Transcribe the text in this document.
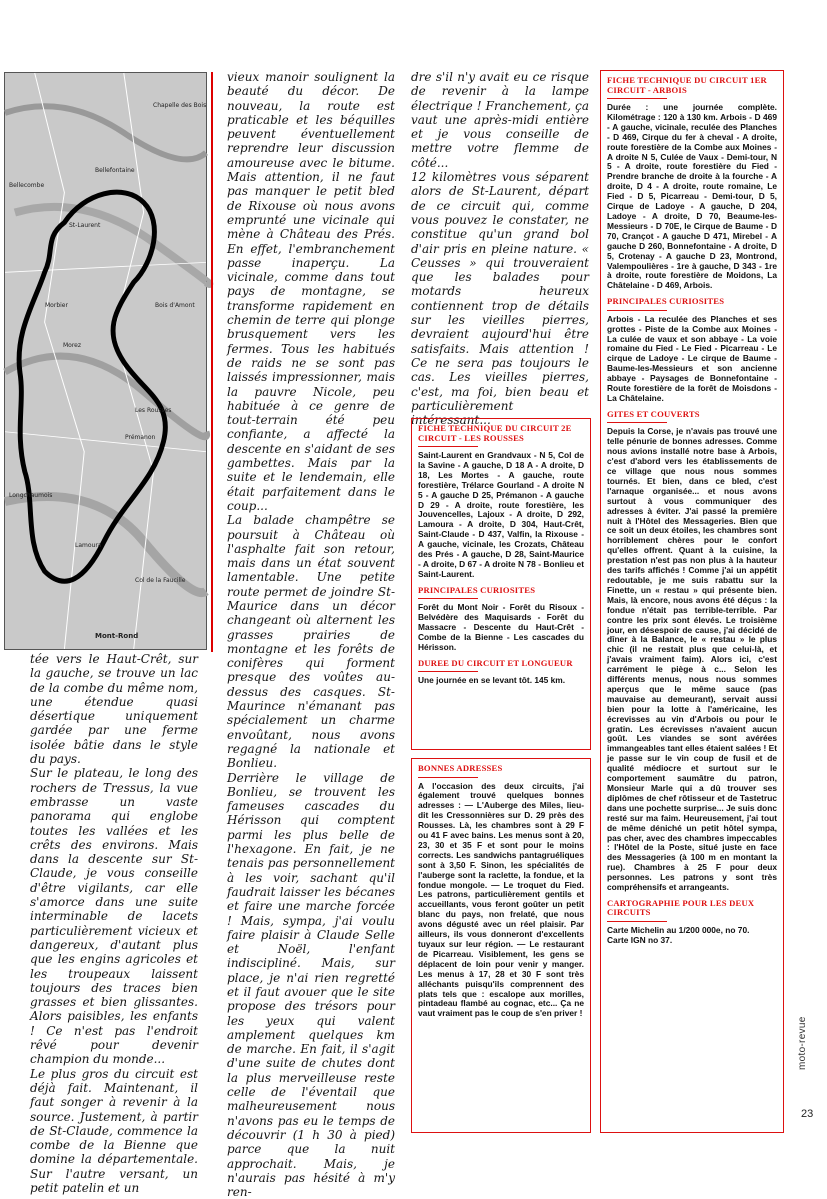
St-Laurent
Morez
Les Rousses
Prémanon
Longchaumois
Morbier
Bellefontaine
Chapelle des Bois
Bois d'Amont
Mont-Rond
Col de la Faucille
Lamoura
Bellecombe

tée vers le Haut-Crêt, sur la gauche, se trouve un lac de la combe du même nom, une étendue quasi désertique uniquement gardée par une ferme isolée bâtie dans le style du pays.

Sur le plateau, le long des rochers de Tressus, la vue embrasse un vaste panorama qui englobe toutes les vallées et les crêts des environs. Mais dans la descente sur St-Claude, je vous conseille d'être vigilants, car elle s'amorce dans une suite interminable de lacets particulièrement vicieux et dangereux, d'autant plus que les engins agricoles et les troupeaux laissent toujours des traces bien grasses et bien glissantes. Alors paisibles, les enfants ! Ce n'est pas l'endroit rêvé pour devenir champion du monde...

Le plus gros du circuit est déjà fait. Maintenant, il faut songer à revenir à la source. Justement, à partir de St-Claude, commence la combe de la Bienne que domine la départementale. Sur l'autre versant, un petit patelin et un

vieux manoir soulignent la beauté du décor. De nouveau, la route est praticable et les béquilles peuvent éventuellement reprendre leur discussion amoureuse avec le bitume. Mais attention, il ne faut pas manquer le petit bled de Rixouse où nous avons emprunté une vicinale qui mène à Château des Prés. En effet, l'embranchement passe inaperçu. La vicinale, comme dans tout pays de montagne, se transforme rapidement en chemin de terre qui plonge brusquement vers les fermes. Tous les habitués de raids ne se sont pas laissés impressionner, mais la pauvre Nicole, peu habituée à ce genre de tout-terrain été peu confiante, a affecté la descente en s'aidant de ses gambettes. Mais par la suite et le lendemain, elle était parfaitement dans le coup...

La balade champêtre se poursuit à Château où l'asphalte fait son retour, mais dans un état souvent lamentable. Une petite route permet de joindre St-Maurice dans un décor changeant où alternent les grasses prairies de montagne et les forêts de conifères qui forment presque des voûtes au-dessus des casques. St-Maurince n'émanant pas spécialement un charme envoûtant, nous avons regagné la nationale et Bonlieu.

Derrière le village de Bonlieu, se trouvent les fameuses cascades du Hérisson qui comptent parmi les plus belle de l'hexagone. En fait, je ne tenais pas personnellement à les voir, sachant qu'il faudrait laisser les bécanes et faire une marche forcée ! Mais, sympa, j'ai voulu faire plaisir à Claude Selle et Noël, l'enfant indiscipliné. Mais, sur place, je n'ai rien regretté et il faut avouer que le site propose des trésors pour les yeux qui valent amplement quelques km de marche. En fait, il s'agit d'une suite de chutes dont la plus merveilleuse reste celle de l'éventail que malheureusement nous n'avons pas eu le temps de découvrir (1 h 30 à pied) parce que la nuit approchait. Mais, je n'aurais pas hésité à m'y ren-

dre s'il n'y avait eu ce risque de revenir à la lampe électrique ! Franchement, ça vaut une après-midi entière et je vous conseille de mettre votre flemme de côté...

12 kilomètres vous séparent alors de St-Laurent, départ de ce circuit qui, comme vous pouvez le constater, ne constitue qu'un grand bol d'air pris en pleine nature. « Ceusses » qui trouveraient que les balades pour motards heureux contiennent trop de détails sur les vieilles pierres, devraient aujourd'hui être satisfaits. Mais attention ! Ce ne sera pas toujours le cas. Les vieilles pierres, c'est, ma foi, bien beau et particulièrement intéressant...

FICHE TECHNIQUE DU CIRCUIT 2E CIRCUIT - LES ROUSSES

Saint-Laurent en Grandvaux - N 5, Col de la Savine - A gauche, D 18 A - A droite, D 18, Les Mortes - A gauche, route forestière, Trélarce Gourland - A droite N 5 - A gauche D 25, Prémanon - A gauche D 29 - A droite, route forestière, les Jouvencelles, Lajoux - A droite, D 292, Lamoura - A droite, D 304, Haut-Crêt, Saint-Claude - D 437, Valfin, la Rixouse - A gauche, vicinale, les Crozats, Château des Prés - A gauche, D 28, Saint-Maurice - A droite, D 67 - A droite N 78 - Bonlieu et Saint-Laurent.

PRINCIPALES CURIOSITES

Forêt du Mont Noir - Forêt du Risoux - Belvédère des Maquisards - Forêt du Massacre - Descente du Haut-Crêt - Combe de la Bienne - Les cascades du Hérisson.

DUREE DU CIRCUIT ET LONGUEUR

Une journée en se levant tôt. 145 km.

BONNES ADRESSES

A l'occasion des deux circuits, j'ai également trouvé quelques bonnes adresses : — L'Auberge des Miles, lieu-dit les Cressonnières sur D. 29 près des Rousses. Là, les chambres sont à 29 F ou 41 F avec bains. Les menus sont à 20, 23, 30 et 35 F et sont pour le moins corrects. Les sandwichs pantagruéliques sont à 3,50 F. Sinon, les spécialités de l'auberge sont la raclette, la fondue, et la fondue mongole. — Le troquet du Fied. Les patrons, particulièrement gentils et accueillants, vous feront goûter un petit blanc du pays, non frelaté, que nous avons dégusté avec un réel plaisir. Par ailleurs, ils vous donneront d'excellents tuyaux sur leur région. — Le restaurant de Picarreau. Visiblement, les gens se déplacent de loin pour venir y manger. Les menus à 17, 28 et 30 F sont très alléchants puisqu'ils comprennent des plats tels que : escalope aux morilles, pintadeau flambé au cognac, etc... Ça ne vaut vraiment pas le coup de s'en priver !

FICHE TECHNIQUE DU CIRCUIT 1ER CIRCUIT - ARBOIS

Durée : une journée complète. Kilométrage : 120 à 130 km. Arbois - D 469 - A gauche, vicinale, reculée des Planches - D 469, Cirque du fer à cheval - A droite, route forestière de la Combe aux Moines - A droite N 5, Culée de Vaux - Demi-tour, N 5 - A droite, route forestière du Fied - Prendre branche de droite à la fourche - A droite, D 4 - A droite, route romaine, Le Fied - D 5, Picarreau - Demi-tour, D 5, Cirque de Ladoye - A gauche, D 204, Ladoye - A droite, D 70, Beaume-les-Messieurs - D 70E, le Cirque de Baume - D 70, Crançot - A gauche D 471, Mirebel - A gauche D 260, Bonnefontaine - A droite, D 5, Crotenay - A gauche D 23, Montrond, Valempoulières - 1re à gauche, D 343 - 1re à droite, route forestière de Moidons, La Châtelaine - D 469, Arbois.

PRINCIPALES CURIOSITES

Arbois - La reculée des Planches et ses grottes - Piste de la Combe aux Moines - La culée de vaux et son abbaye - La voie romaine du Fied - Le Fied - Picarreau - Le cirque de Ladoye - Le cirque de Baume - Baume-les-Messieurs et son ancienne abbaye - Paysages de Bonnefontaine - Route forestière de la forêt de Moisdons - La Châtelaine.

GITES ET COUVERTS

Depuis la Corse, je n'avais pas trouvé une telle pénurie de bonnes adresses. Comme nous avions installé notre base à Arbois, c'est d'abord vers les établissements de ce village que nous nous sommes tournés. Et bien, dans ce bled, c'est l'arnaque organisée... et nous avons surtout à vous communiquer des adresses à éviter. J'ai passé la première nuit à l'Hôtel des Messageries. Bien que ce soit un deux étoiles, les chambres sont horriblement chères pour le confort qu'elles offrent. Quant à la cuisine, la prestation n'est pas non plus à la hauteur des tarifs affichés ! Comme j'ai un appétit redoutable, je me suis rabattu sur la Finette, un « restau » qui présente bien. Mais, là encore, nous avons été déçus : la fondue n'était pas terrible-terrible. Par contre les prix sont élevés. Le troisième jour, en désespoir de cause, j'ai décidé de dîner à la Balance, le « restau » le plus chic (il ne restait plus que celui-là, et j'avais vraiment faim). Alors ici, c'est carrément le piège à c... Selon les différents menus, nous nous sommes aperçus que le même sauce (pas mauvaise au demeurant), servait aussi bien pour la lotte à l'américaine, les écrevisses au vin d'Arbois ou pour le gratin. Les écrevisses n'avaient aucun goût. Les viandes se sont avérées immangeables tant elles étaient salées ! Et je passe sur le vin coup de fusil et de qualité médiocre et surtout sur le comportement saumâtre du patron, Monsieur Marle qui a dû trouver ses diplômes de chef rôtisseur et de Tastetruc dans une pochette surprise... Je suis donc resté sur ma faim. Heureusement, j'ai tout de même déniché un petit hôtel sympa, pas cher, avec des chambres impeccables : l'Hôtel de la Poste, situé juste en face des Messageries (à 100 m en montant la rue). Chambres à 25 F pour deux personnes. Les patrons y sont très compréhensifs et arrangeants.

CARTOGRAPHIE POUR LES DEUX CIRCUITS

Carte Michelin au 1/200 000e, no 70.

Carte IGN no 37.

moto-revue
23
